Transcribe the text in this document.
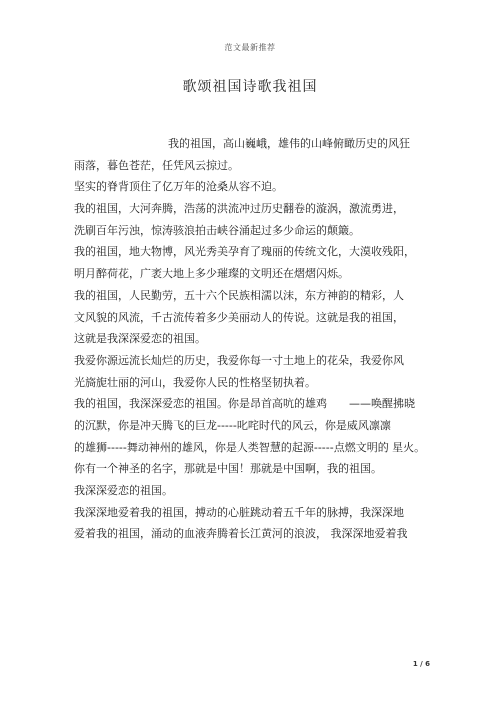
范文最新推荐
歌颂祖国诗歌我祖国
我的祖国，高山巍峨，雄伟的山峰俯瞰历史的风狂
雨落，暮色苍茫，任凭风云掠过。
坚实的脊背顶住了亿万年的沧桑从容不迫。
我的祖国，大河奔腾，浩荡的洪流冲过历史翻卷的漩涡，激流勇进，
洗刷百年污浊，惊涛骇浪拍击峡谷涌起过多少命运的颠簸。
我的祖国，地大物博，风光秀美孕育了瑰丽的传统文化，大漠收残阳，
明月醉荷花，广袤大地上多少璀璨的文明还在熠熠闪烁。
我的祖国，人民勤劳，五十六个民族相濡以沫，东方神韵的精彩，人
文风貌的风流，千古流传着多少美丽动人的传说。这就是我的祖国，
这就是我深深爱恋的祖国。
我爱你源远流长灿烂的历史，我爱你每一寸土地上的花朵，我爱你风
光旖旎壮丽的河山，我爱你人民的性格坚韧执着。
我的祖国，我深深爱恋的祖国。你是昂首高吭的雄鸡　　——唤醒拂晓
的沉默，你是冲天腾飞的巨龙-----叱咤时代的风云，你是威风凛凛
的雄狮-----舞动神州的雄风，你是人类智慧的起源-----点燃文明的 星火。
你有一个神圣的名字，那就是中国！那就是中国啊，我的祖国。
我深深爱恋的祖国。
我深深地爱着我的祖国，搏动的心脏跳动着五千年的脉搏，我深深地
爱着我的祖国，涌动的血液奔腾着长江黄河的浪波， 我深深地爱着我
1 / 6
